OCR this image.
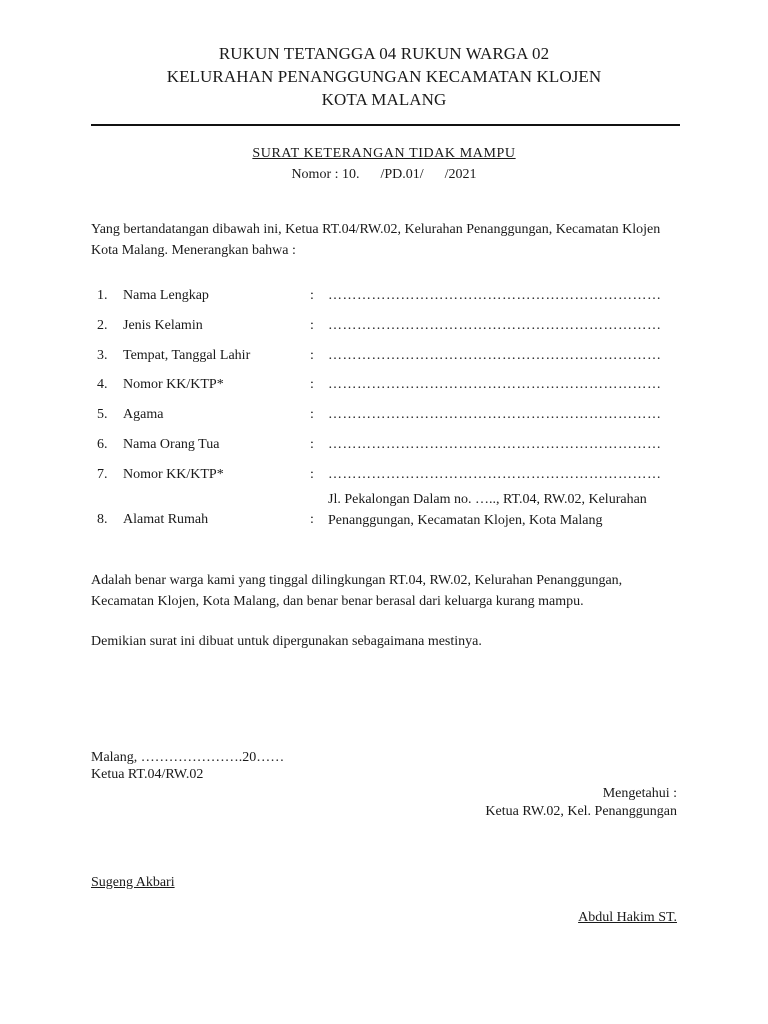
RUKUN TETANGGA 04 RUKUN WARGA 02
KELURAHAN PENANGGUNGAN KECAMATAN KLOJEN
KOTA MALANG
SURAT KETERANGAN TIDAK MAMPU
Nomor : 10.      /PD.01/      /2021
Yang bertandatangan dibawah ini, Ketua RT.04/RW.02, Kelurahan Penanggungan, Kecamatan Klojen Kota Malang. Menerangkan bahwa :
1. Nama Lengkap	: ……………………………………………………………
2. Jenis Kelamin	: ……………………………………………………………
3. Tempat, Tanggal Lahir	: ……………………………………………………………
4. Nomor KK/KTP*	: ……………………………………………………………
5. Agama	: ……………………………………………………………
6. Nama Orang Tua	: ……………………………………………………………
7. Nomor KK/KTP*	: ……………………………………………………………
8. Alamat Rumah	:
Jl. Pekalongan Dalam no. ….., RT.04, RW.02, Kelurahan Penanggungan, Kecamatan Klojen, Kota Malang
Adalah benar warga kami yang tinggal dilingkungan RT.04, RW.02, Kelurahan Penanggungan, Kecamatan Klojen, Kota Malang, dan benar benar berasal dari keluarga kurang mampu.
Demikian surat ini dibuat untuk dipergunakan sebagaimana mestinya.
Malang, ………………….20……
Ketua RT.04/RW.02
Mengetahui :
Ketua RW.02, Kel. Penanggungan
Sugeng Akbari
Abdul Hakim ST.
